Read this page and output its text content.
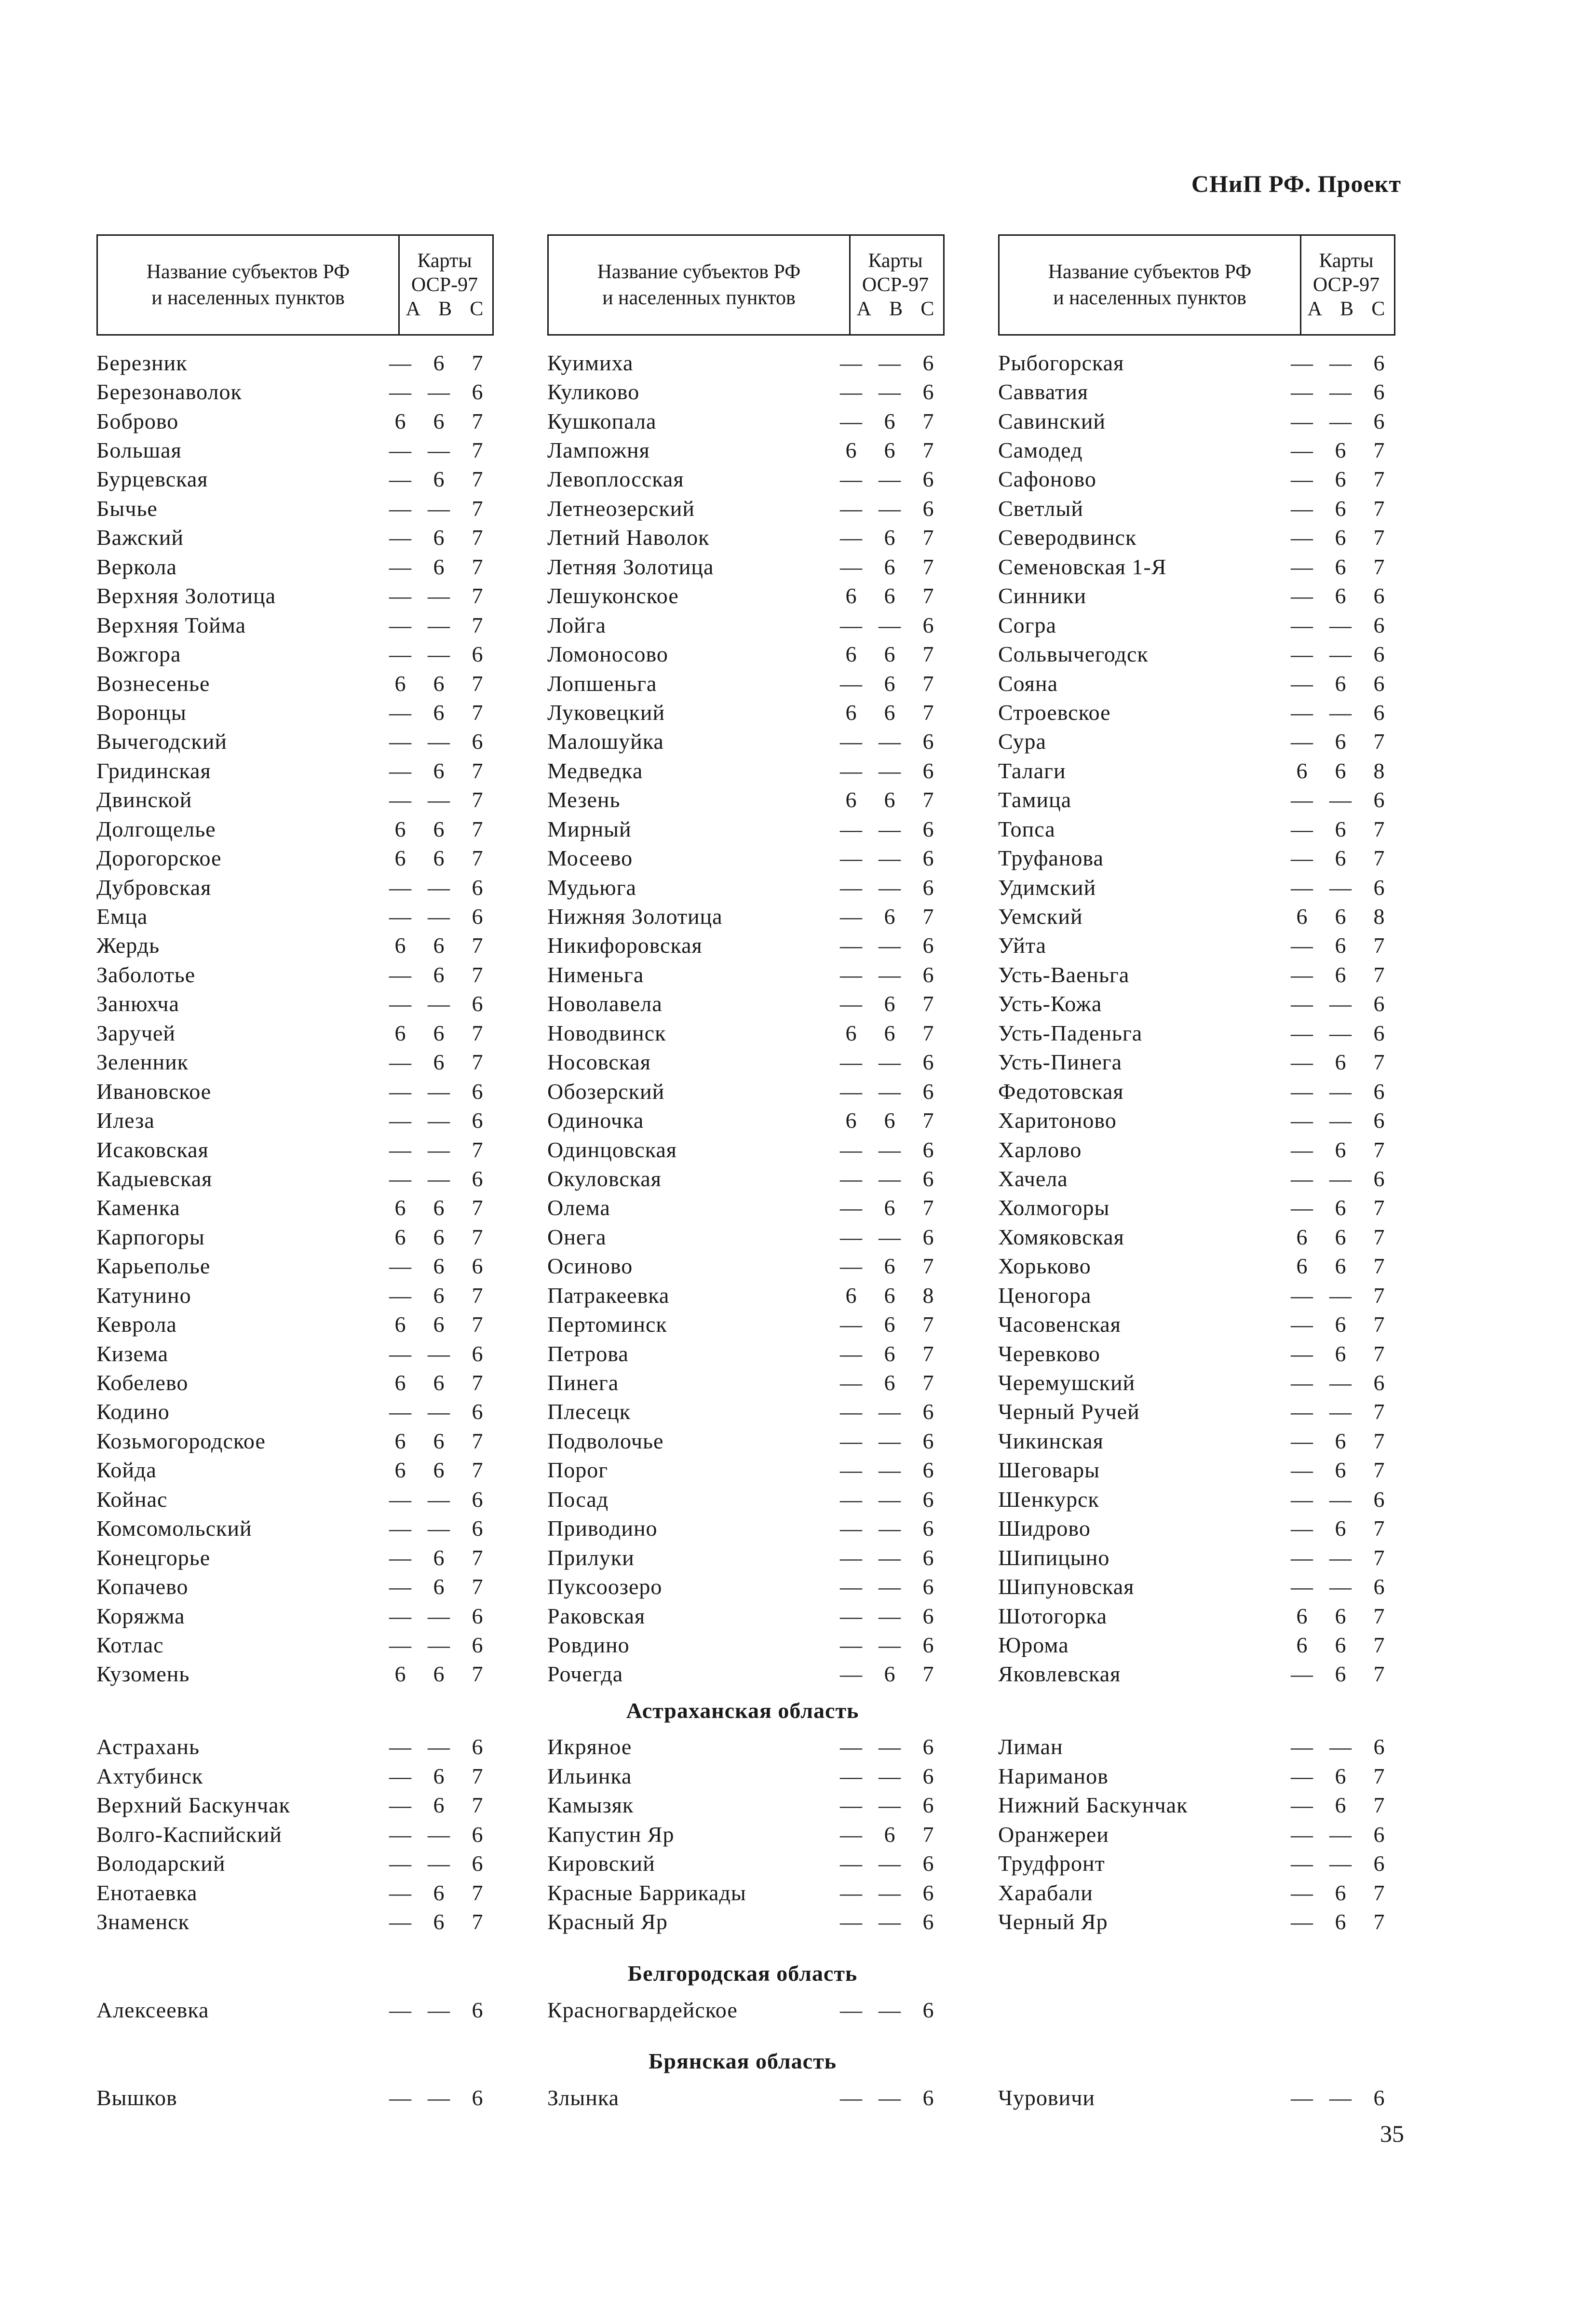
СНиП РФ. Проект
Название субъектов РФ
и населенных пунктов
Карты
ОСР-97
А В С
Название субъектов РФ
и населенных пунктов
Карты
ОСР-97
А В С
Название субъектов РФ
и населенных пунктов
Карты
ОСР-97
А В С
Березник	— 6	7
Березонаволок	— — 6
Боброво	6	6	7
Большая	— — 7
Бурцевская	— 6	7
Бычье	— — 7
Важский	— 6	7
Веркола	— 6	7
Верхняя Золотица	— — 7
Верхняя Тойма	— — 7
Вожгора	— — 6
Вознесенье	6	6	7
Воронцы	— 6	7
Вычегодский	— — 6
Гридинская	— 6	7
Двинской	— — 7
Долгощелье	6	6	7
Дорогорское	6	6	7
Дубровская	— — 6
Емца	— — 6
Жердь	6	6	7
Заболотье	— 6	7
Занюхча	— — 6
Заручей	6	6	7
Зеленник	— 6	7
Ивановское	— — 6
Илеза	— — 6
Исаковская	— — 7
Кадыевская	— — 6
Каменка	6	6	7
Карпогоры	6	6	7
Карьеполье	— 6	6
Катунино	— 6	7
Кеврола	6	6	7
Кизема	— — 6
Кобелево	6	6	7
Кодино	— — 6
Козьмогородское	6	6	7
Койда	6	6	7
Койнас	— — 6
Комсомольский	— — 6
Конецгорье	— 6	7
Копачево	— 6	7
Коряжма	— — 6
Котлас	— — 6
Кузомень	6	6	7
Куимиха	— — 6
Куликово	— — 6
Кушкопала	— 6	7
Лампожня	6	6	7
Левоплосская	— — 6
Летнеозерский	— — 6
Летний Наволок	— 6	7
Летняя Золотица	— 6	7
Лешуконское	6	6	7
Лойга	— — 6
Ломоносово	6	6	7
Лопшеньга	— 6	7
Луковецкий	6	6	7
Малошуйка	— — 6
Медведка	— — 6
Мезень	6	6	7
Мирный	— — 6
Мосеево	— — 6
Мудьюга	— — 6
Нижняя Золотица	— 6	7
Никифоровская	— — 6
Нименьга	— — 6
Новолавела	— 6	7
Новодвинск	6	6	7
Носовская	— — 6
Обозерский	— — 6
Одиночка	6	6	7
Одинцовская	— — 6
Окуловская	— — 6
Олема	— 6	7
Онега	— — 6
Осиново	— 6	7
Патракеевка	6	6	8
Пертоминск	— 6	7
Петрова	— 6	7
Пинега	— 6	7
Плесецк	— — 6
Подволочье	— — 6
Порог	— — 6
Посад	— — 6
Приводино	— — 6
Прилуки	— — 6
Пуксоозеро	— — 6
Раковская	— — 6
Ровдино	— — 6
Рочегда	— 6	7
Рыбогорская	— — 6
Савватия	— — 6
Савинский	— — 6
Самодед	— 6	7
Сафоново	— 6	7
Светлый	— 6	7
Северодвинск	— 6	7
Семеновская 1-Я	— 6	7
Синники	— 6	6
Согра	— — 6
Сольвычегодск	— — 6
Сояна	— 6	6
Строевское	— — 6
Сура	— 6	7
Талаги	6	6	8
Тамица	— — 6
Топса	— 6	7
Труфанова	— 6	7
Удимский	— — 6
Уемский	6	6	8
Уйта	— 6	7
Усть-Ваеньга	— 6	7
Усть-Кожа	— — 6
Усть-Паденьга	— — 6
Усть-Пинега	— 6	7
Федотовская	— — 6
Харитоново	— — 6
Харлово	— 6	7
Хачела	— — 6
Холмогоры	— 6	7
Хомяковская	6	6	7
Хорьково	6	6	7
Ценогора	— — 7
Часовенская	— 6	7
Черевково	— 6	7
Черемушский	— — 6
Черный Ручей	— — 7
Чикинская	— 6	7
Шеговары	— 6	7
Шенкурск	— — 6
Шидрово	— 6	7
Шипицыно	— — 7
Шипуновская	— — 6
Шотогорка	6	6	7
Юрома	6	6	7
Яковлевская	— 6	7
Астраханская область
Астрахань	— — 6
Ахтубинск	— 6	7
Верхний Баскунчак	— 6	7
Волго-Каспийский	— — 6
Володарский	— — 6
Енотаевка	— 6	7
Знаменск	— 6	7
Икряное	— — 6
Ильинка	— — 6
Камызяк	— — 6
Капустин Яр	— 6	7
Кировский	— — 6
Красные Баррикады	— — 6
Красный Яр	— — 6
Лиман	— — 6
Нариманов	— 6	7
Нижний Баскунчак	— 6	7
Оранжереи	— — 6
Трудфронт	— — 6
Харабали	— 6	7
Черный Яр	— 6	7
Белгородская область
Алексеевка	— — 6	Красногвардейское	— — 6
Брянская область
Вышков	— — 6	Злынка	— — 6	Чуровичи	— — 6
35
